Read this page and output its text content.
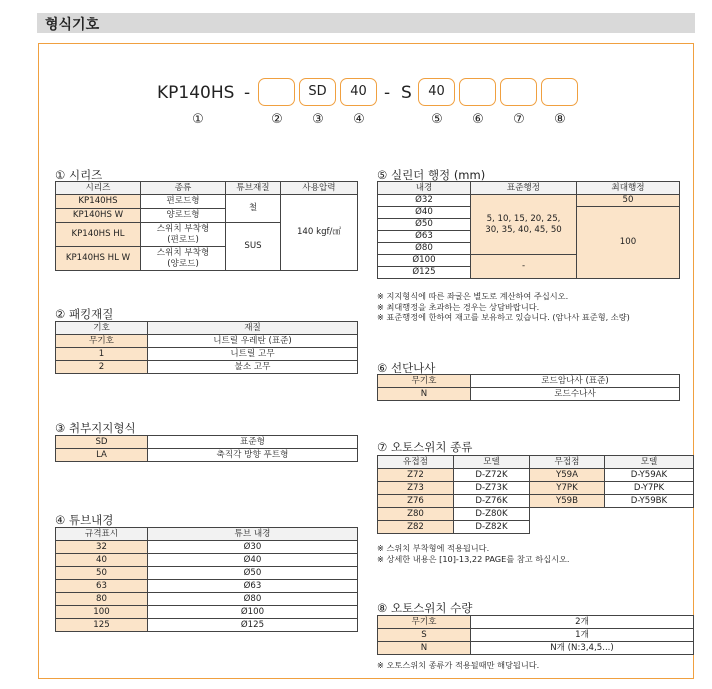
형식기호
KP140HS -	SD	40	- S	40
①	②	③	④	⑤	⑥	⑦	⑧
① 시리즈
시리즈	종류	튜브재질	사용압력
KP140HS	편로드형	철	140 kgf/㎠
KP140HS W	양로드형		
KP140HS HL	스위치 부착형
(편로드)	SUS	
KP140HS HL W	스위치 부착형
(양로드)		
② 패킹재질
기호	재질
무기호	니트릴 우레탄 (표준)
1	니트릴 고무
2	불소 고무
③ 취부지지형식
SD	표준형
LA	축직각 방향 푸트형
④ 튜브내경
규격표시	튜브 내경
32	Ø30
40	Ø40
50	Ø50
63	Ø63
80	Ø80
100	Ø100
125	Ø125
⑤ 실린더 행정 (mm)
내경	표준행정	최대행정
Ø32	5, 10, 15, 20, 25,
30, 35, 40, 45, 50	50
Ø40		100
Ø50		
Ø63		
Ø80		
Ø100	-	
Ø125		
※ 지지형식에 따른 좌굴은 별도로 계산하여 주십시오.
※ 최대행정을 초과하는 경우는 상담바랍니다.
※ 표준행정에 한하여 재고를 보유하고 있습니다. (암나사 표준형, 소량)
⑥ 선단나사
무기호	로드암나사 (표준)
N	로드수나사
⑦ 오토스위치 종류
유접점	모델	무접점	모델
Z72	D-Z72K	Y59A	D-Y59AK
Z73	D-Z73K	Y7PK	D-Y7PK
Z76	D-Z76K	Y59B	D-Y59BK
Z80	D-Z80K		
Z82	D-Z82K		
※ 스위치 부착형에 적용됩니다.
※ 상세한 내용은 [10]-13,22 PAGE를 참고 하십시오.
⑧ 오토스위치 수량
무기호	2개
S	1개
N	N개 (N:3,4,5...)
※ 오토스위치 종류가 적용될때만 해당됩니다.
